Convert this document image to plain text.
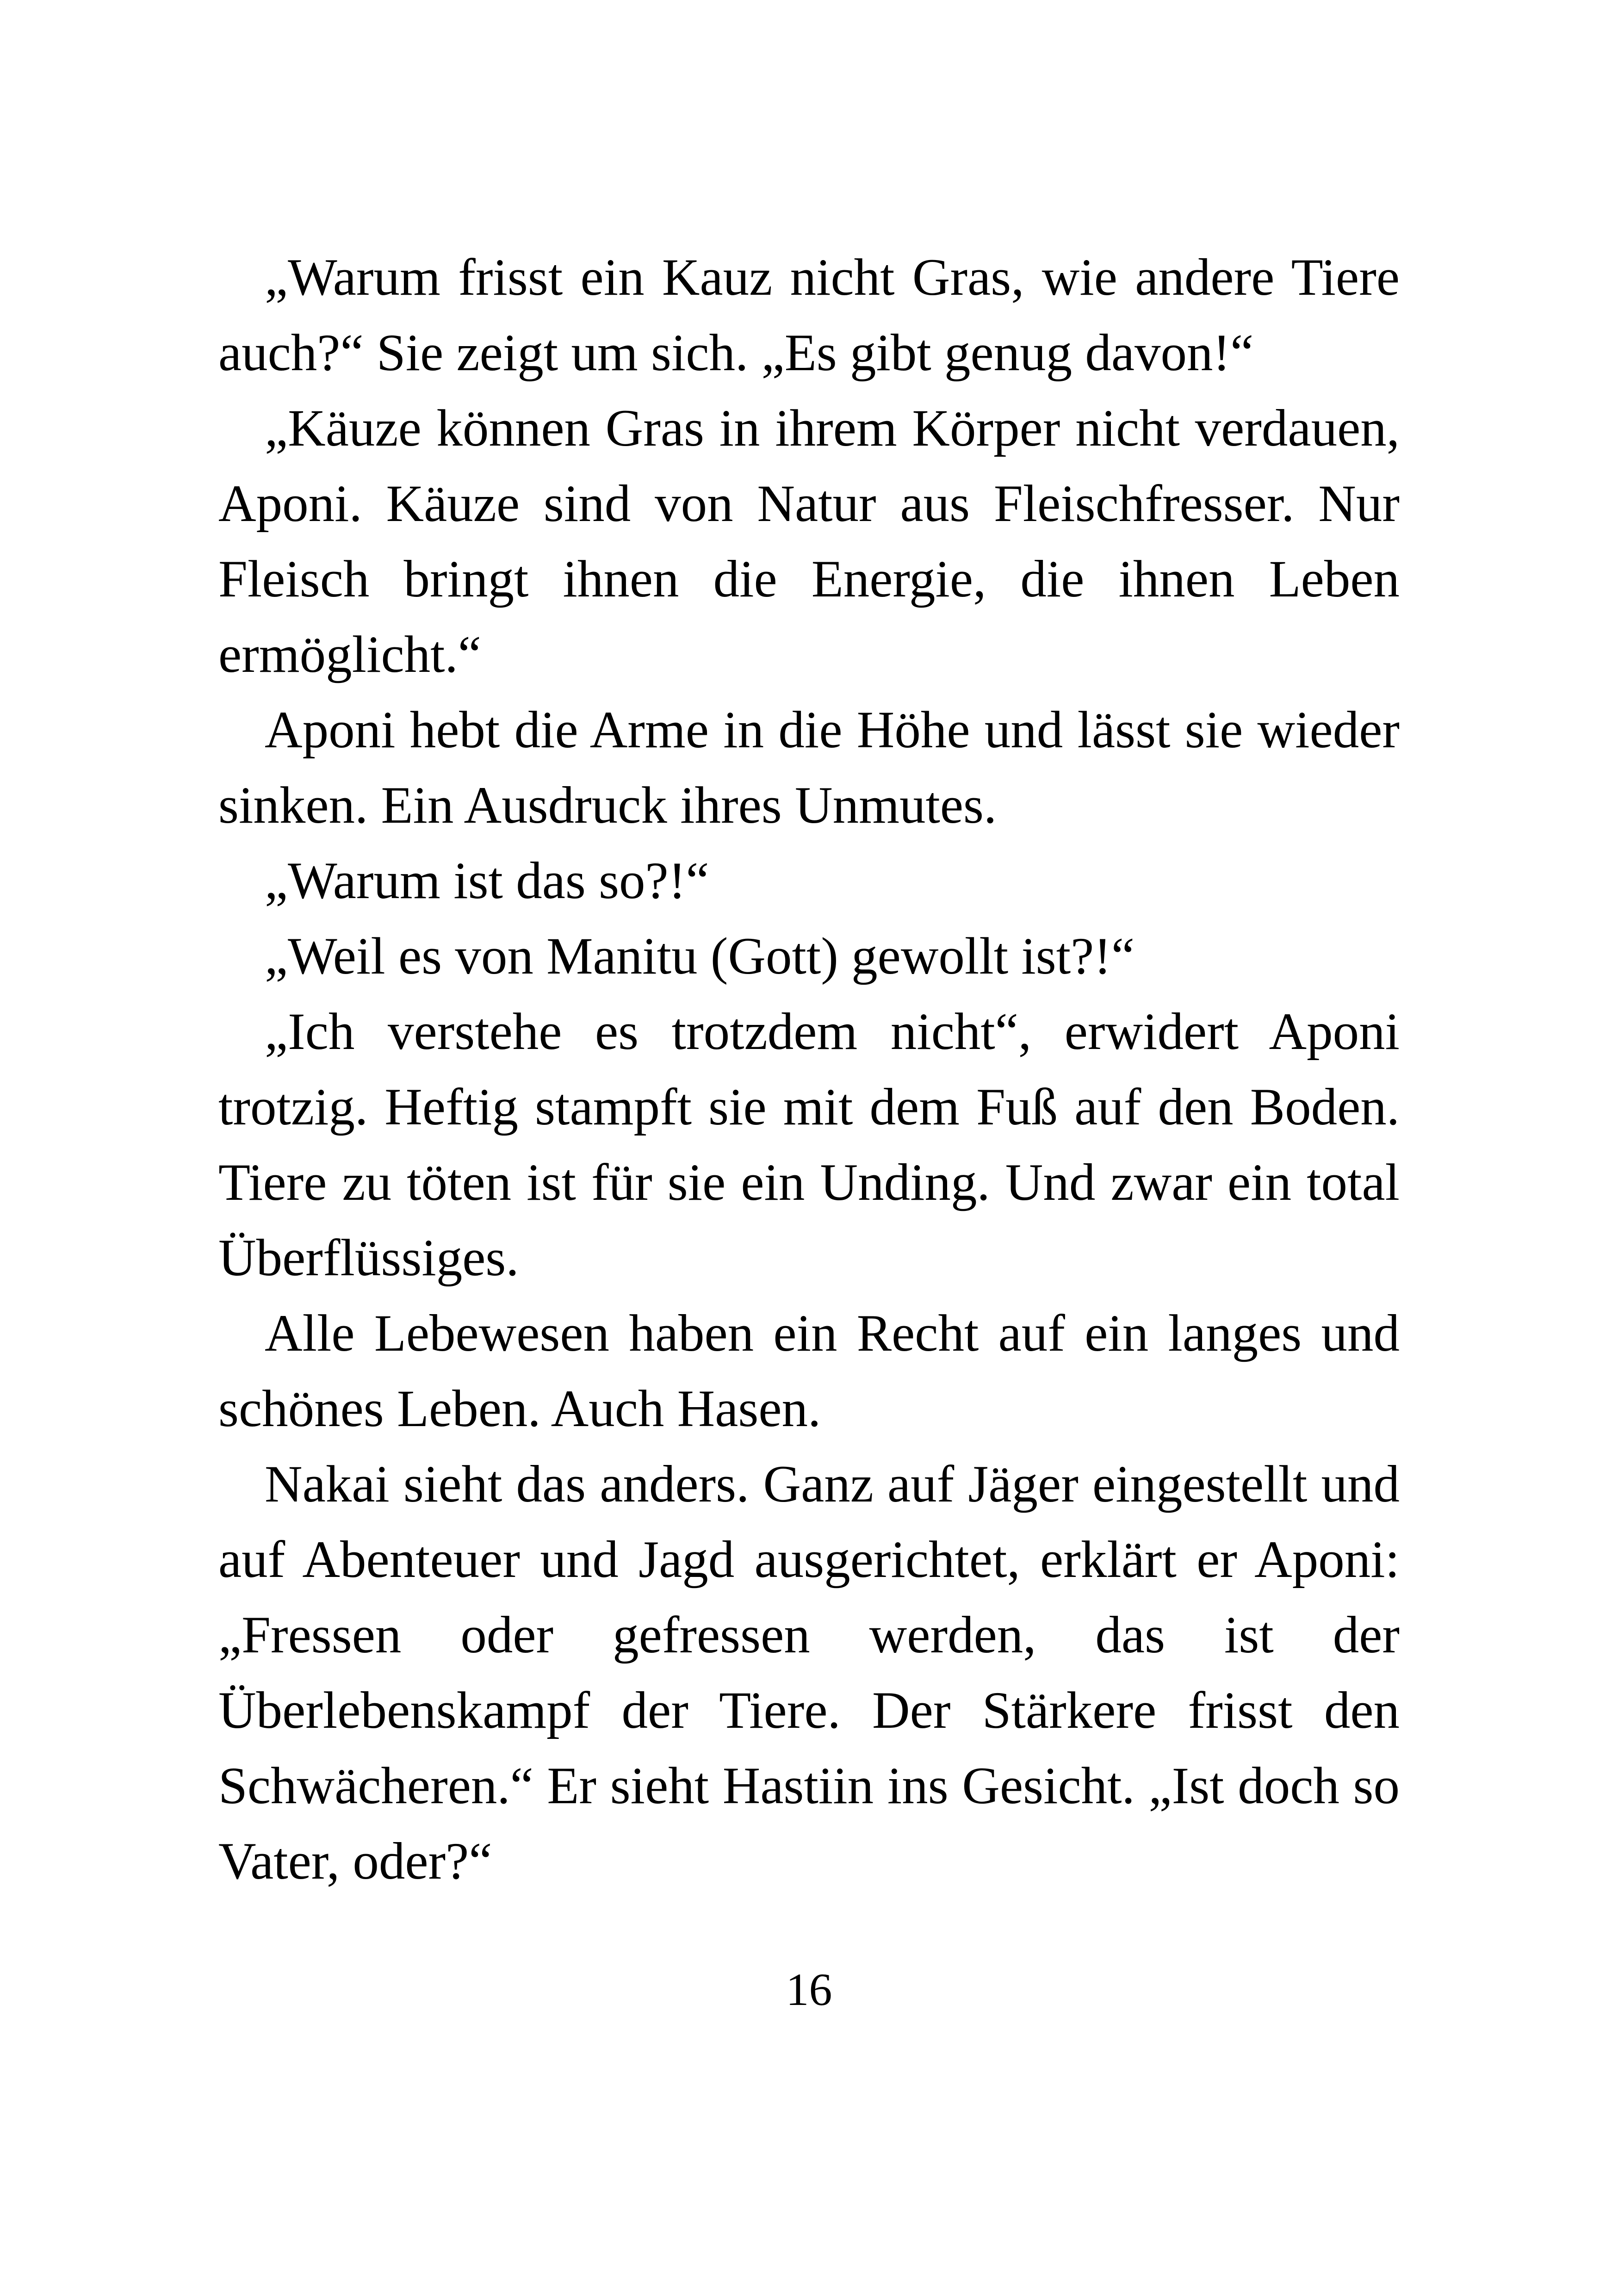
„Warum frisst ein Kauz nicht Gras, wie andere Tiere auch?“ Sie zeigt um sich. „Es gibt genug davon!“

„Käuze können Gras in ihrem Körper nicht verdauen, Aponi. Käuze sind von Natur aus Fleischfresser. Nur Fleisch bringt ihnen die Energie, die ihnen Leben ermöglicht.“

Aponi hebt die Arme in die Höhe und lässt sie wieder sinken. Ein Ausdruck ihres Unmutes.

„Warum ist das so?!“

„Weil es von Manitu (Gott) gewollt ist?!“

„Ich verstehe es trotzdem nicht“, erwidert Aponi trotzig. Heftig stampft sie mit dem Fuß auf den Boden. Tiere zu töten ist für sie ein Unding. Und zwar ein total Überflüssiges.

Alle Lebewesen haben ein Recht auf ein langes und schönes Leben. Auch Hasen.

Nakai sieht das anders. Ganz auf Jäger eingestellt und auf Abenteuer und Jagd ausgerichtet, erklärt er Aponi: „Fressen oder gefressen werden, das ist der Überlebenskampf der Tiere. Der Stärkere frisst den Schwächeren.“ Er sieht Hastiin ins Gesicht. „Ist doch so Vater, oder?“

16
